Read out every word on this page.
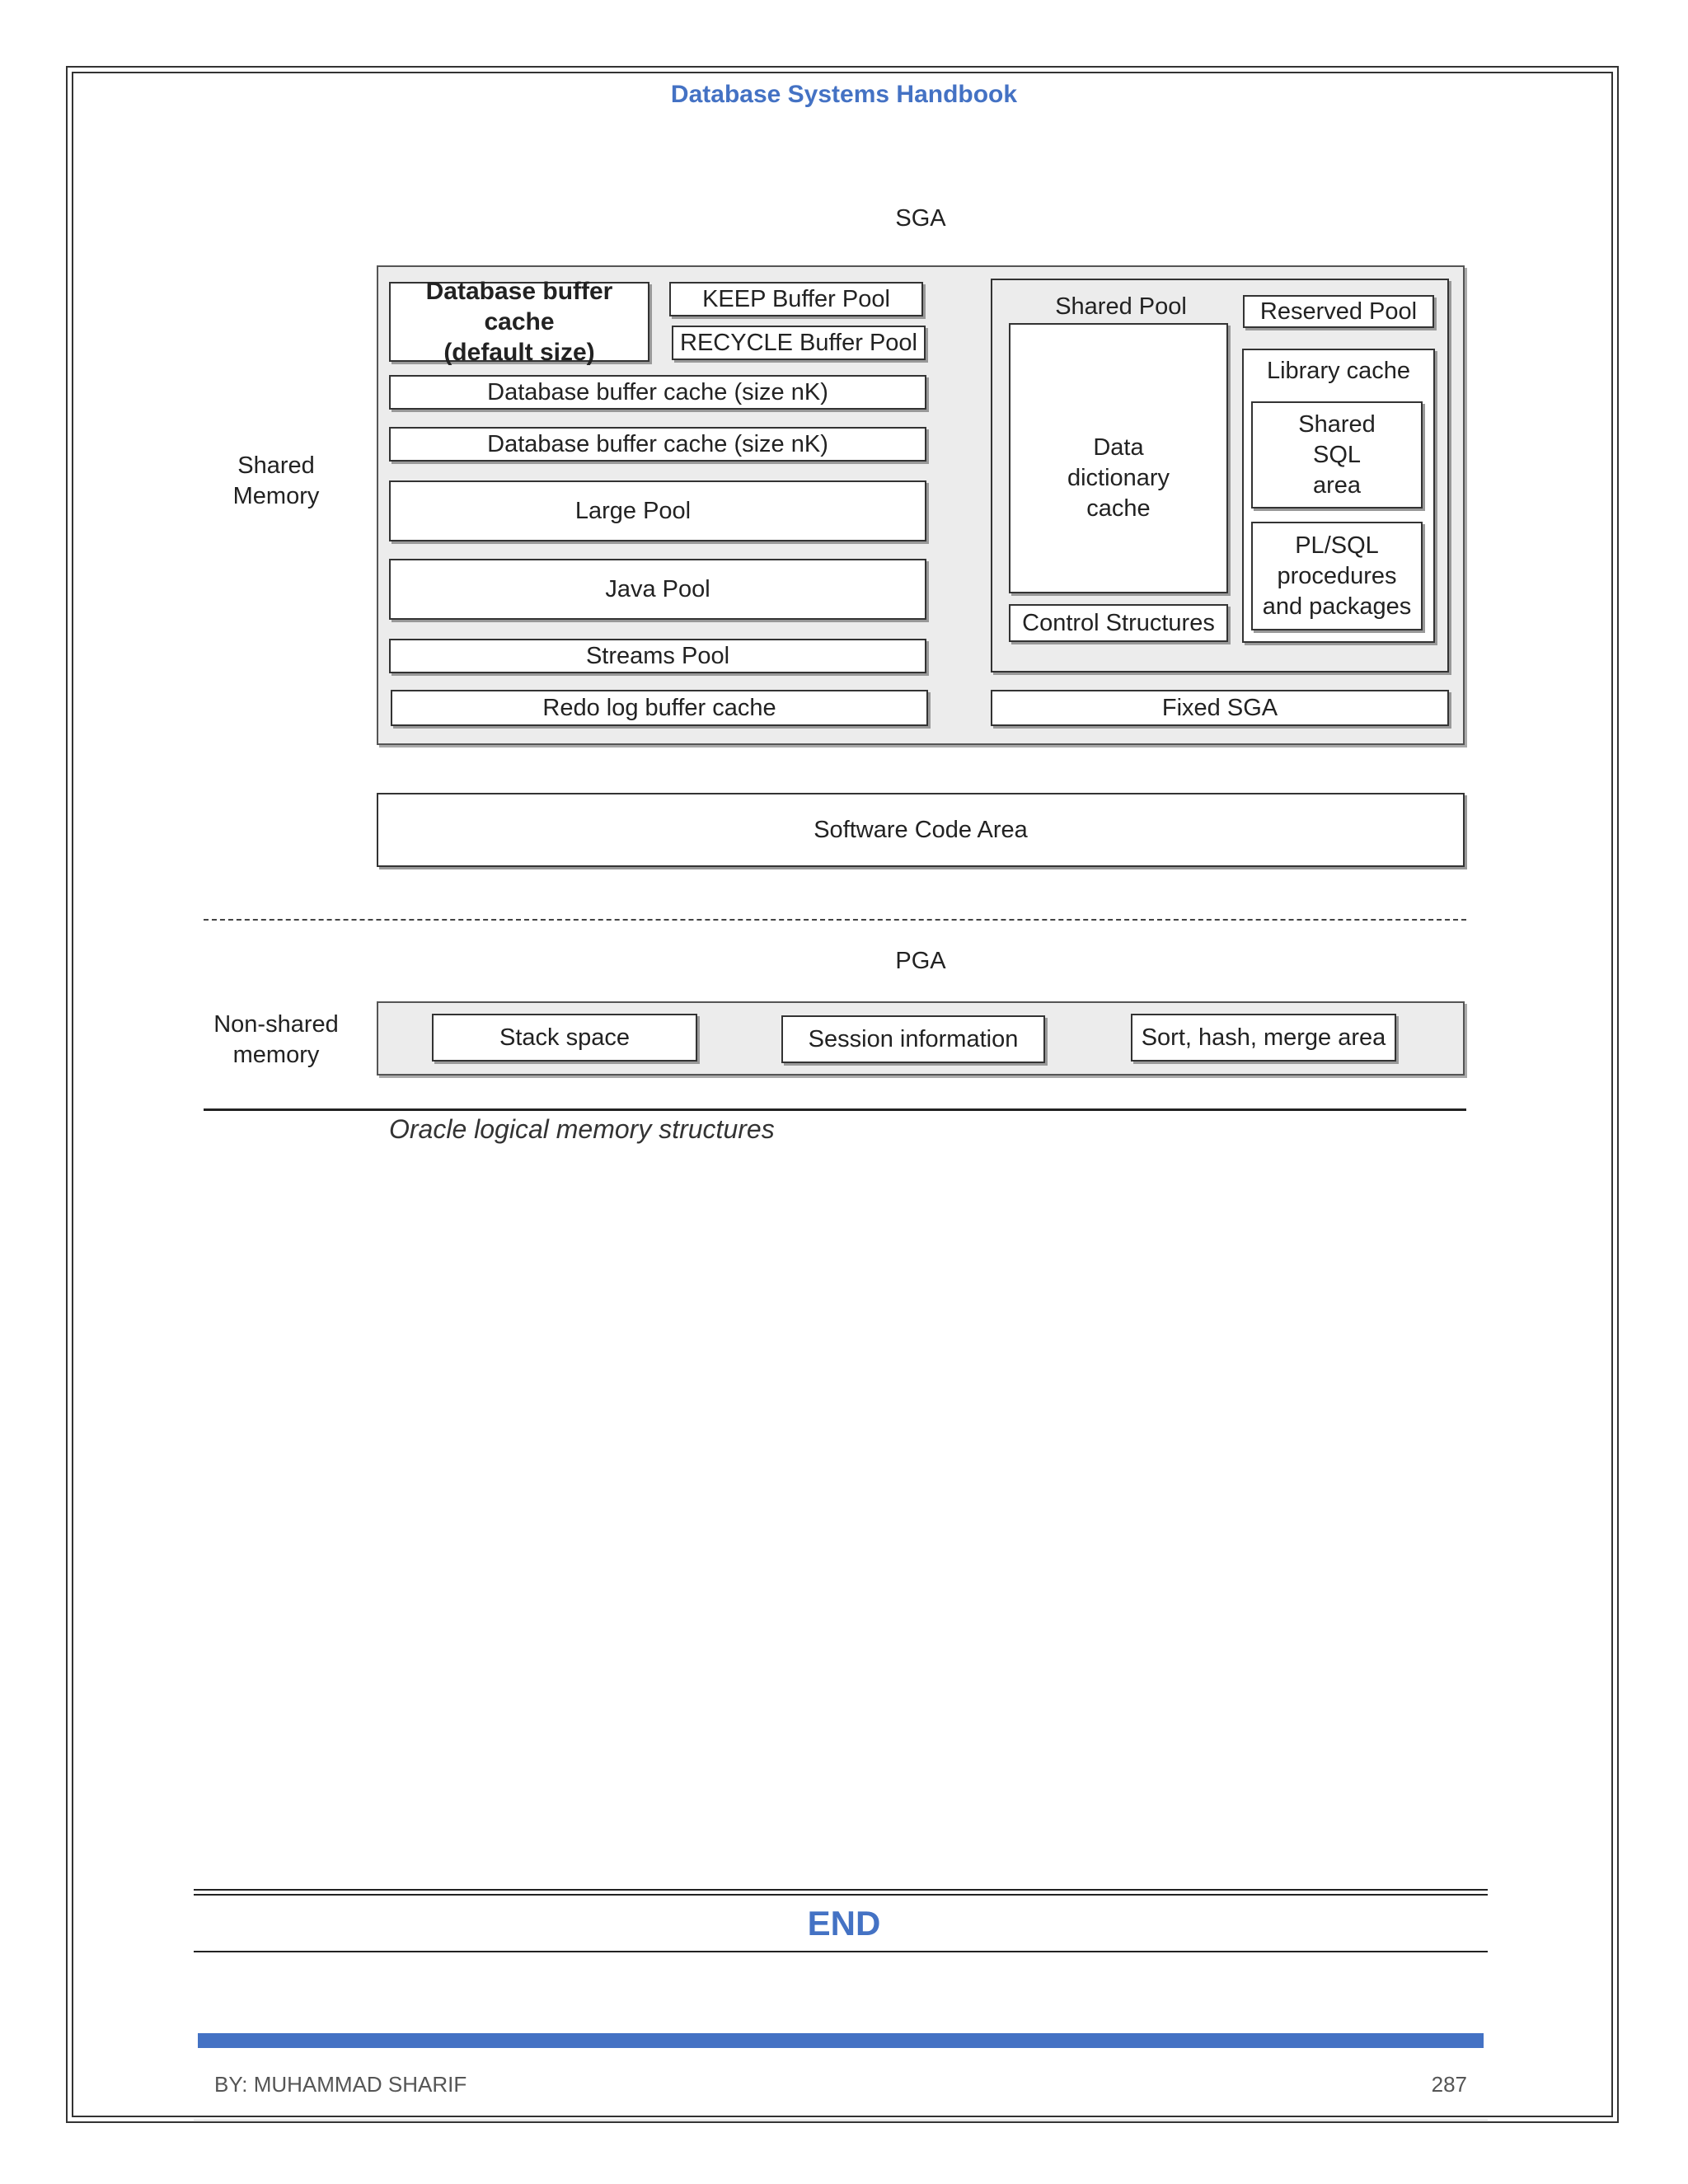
Database Systems Handbook
SGA
Shared
Memory
Database buffer cache
(default size)
KEEP Buffer Pool
RECYCLE Buffer Pool
Database buffer cache (size nK)
Database buffer cache (size nK)
Large Pool
Java Pool
Streams Pool
Redo log buffer cache
Shared Pool	Reserved Pool
Data
dictionary
cache
Control Structures
Library cache
Shared
SQL
area
PL/SQL
procedures
and packages
Fixed SGA
Software Code Area
PGA
Non-shared
memory
Stack space	Session information	Sort, hash, merge area
Oracle logical memory structures
END
BY: MUHAMMAD SHARIF	287
